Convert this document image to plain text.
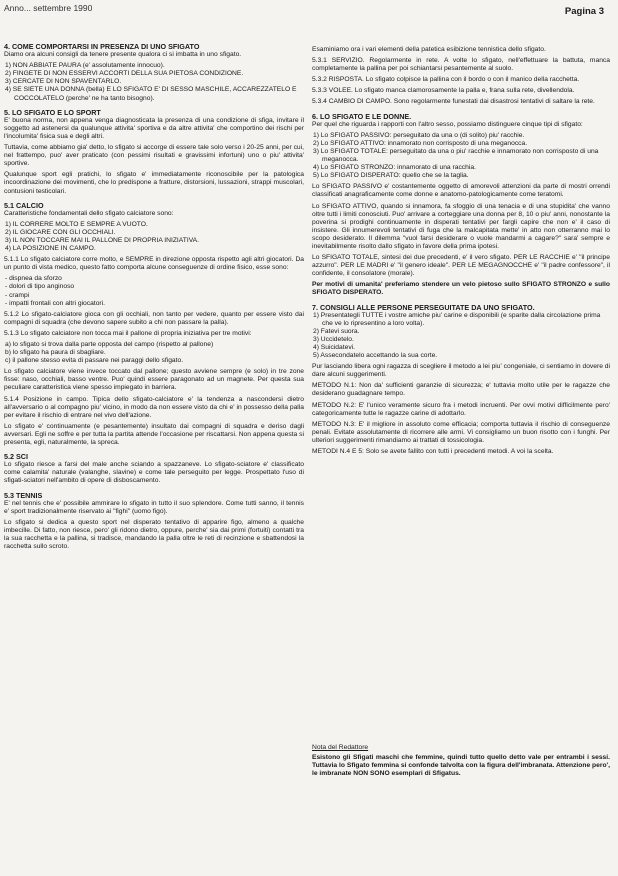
Anno... settembre 1990	Pagina 3
4. COME COMPORTARSI IN PRESENZA DI UNO SFIGATO

Diamo ora alcuni consigli da tenere presente qualora ci si imbatta in uno sfigato.

1) NON ABBIATE PAURA (e' assolutamente innocuo).
2) FINGETE DI NON ESSERVI ACCORTI DELLA SUA PIETOSA CONDIZIONE.
3) CERCATE DI NON SPAVENTARLO.
4) SE SIETE UNA DONNA (bella) E LO SFIGATO E' DI SESSO MASCHILE, ACCAREZZATELO E COCCOLATELO (perche' ne ha tanto bisogno).
5. LO SFIGATO E LO SPORT

E' buona norma, non appena venga diagnosticata la presenza di una condizione di sfiga, invitare il soggetto ad astenersi da qualunque attivita' sportiva e da altre attivita' che comportino dei rischi per l'incolumita' fisica sua e degli altri.

Tuttavia, come abbiamo gia' detto, lo sfigato si accorge di essere tale solo verso i 20-25 anni, per cui, nel frattempo, puo' aver praticato (con pessimi risultati e gravissimi infortuni) uno o piu' attivita' sportive.

Qualunque sport egli pratichi, lo sfigato e' immediatamente riconoscibile per la patologica incoordinazione dei movimenti, che lo predispone a fratture, distorsioni, lussazioni, strappi muscolari, contusioni testicolari.

5.1 CALCIO

Caratteristiche fondamentali dello sfigato calciatore sono:

1) IL CORRERE MOLTO E SEMPRE A VUOTO.
2) IL GIOCARE CON GLI OCCHIALI.
3) IL NON TOCCARE MAI IL PALLONE DI PROPRIA INIZIATIVA.
4) LA POSIZIONE IN CAMPO.

5.1.1 Lo sfigato calciatore corre molto, e SEMPRE in direzione opposta rispetto agli altri giocatori. Da un punto di vista medico, questo fatto comporta alcune conseguenze di ordine fisico, esse sono:

- dispnea da sforzo
- dolori di tipo anginoso
- crampi
- impatti frontali con altri giocatori.

5.1.2 Lo sfigato-calciatore gioca con gli occhiali, non tanto per vedere, quanto per essere visto dai compagni di squadra (che devono sapere subito a chi non passare la palla).

5.1.3 Lo sfigato calciatore non tocca mai il pallone di propria iniziativa per tre motivi:

a) lo sfigato si trova dalla parte opposta del campo (rispetto al pallone)
b) lo sfigato ha paura di sbagliare.
c) il pallone stesso evita di passare nei paraggi dello sfigato.

Lo sfigato calciatore viene invece toccato dal pallone; questo avviene sempre (e solo) in tre zone fisse: naso, occhiali, basso ventre. Puo' quindi essere paragonato ad un magnete. Per questa sua peculiare caratteristica viene spesso impiegato in barriera.

5.1.4 Posizione in campo. Tipica dello sfigato-calciatore e' la tendenza a nascondersi dietro all'avversario o al compagno piu' vicino, in modo da non essere visto da chi e' in possesso della palla per evitare il rischio di entrare nel vivo dell'azione.

Lo sfigato e' continuamente (e pesantemente) insultato dai compagni di squadra e deriso dagli avversari. Egli ne soffre e per tutta la partita attende l'occasione per riscattarsi. Non appena questa si presenta, egli, naturalmente, la spreca.

5.2 SCI

Lo sfigato riesce a farsi del male anche sciando a spazzaneve. Lo sfigato-sciatore e' classificato come calamita' naturale (valanghe, slavine) e come tale perseguito per legge. Prospettato l'uso di sfigati-sciatori nell'ambito di opere di disboscamento.

5.3 TENNIS

E' nel tennis che e' possibile ammirare lo sfigato in tutto il suo splendore. Come tutti sanno, il tennis e' sport tradizionalmente riservato ai "fighi" (uomo figo).

Lo sfigato si dedica a questo sport nel disperato tentativo di apparire figo, almeno a qualche imbecille. Di fatto, non riesce, pero' gli ridono dietro, oppure, perche' sia dai primi (fortuiti) contatti tra la sua racchetta e la pallina, si tradisce, mandando la palla oltre le reti di recinzione e sbattendosi la racchetta sullo scroto.

Esaminiamo ora i vari elementi della patetica esibizione tennistica dello sfigato.

5.3.1 SERVIZIO. Regolarmente in rete. A volte lo sfigato, nell'effettuare la battuta, manca completamente la pallina per poi schiantarsi pesantemente al suolo.

5.3.2 RISPOSTA. Lo sfigato colpisce la pallina con il bordo o con il manico della racchetta.

5.3.3 VOLEE. Lo sfigato manca clamorosamente la palla e, frana sulla rete, divellendola.

5.3.4 CAMBIO DI CAMPO. Sono regolarmente funestati dai disastrosi tentativi di saltare la rete.

6. LO SFIGATO E LE DONNE.

Per quel che riguarda i rapporti con l'altro sesso, possiamo distinguere cinque tipi di sfigato:

1) Lo SFIGATO PASSIVO: perseguitato da una o (di solito) piu' racchie.
2) Lo SFIGATO ATTIVO: innamorato non corrisposto di una meganocca.
3) Lo SFIGATO TOTALE: perseguitato da una o piu' racchie e innamorato non corrisposto di una meganocca.
4) Lo SFIGATO STRONZO: innamorato di una racchia.
5) Lo SFIGATO DISPERATO: quello che se la taglia.

Lo SFIGATO PASSIVO e' costantemente oggetto di amorevoli attenzioni da parte di mostri orrendi classificati anagraficamente come donne e anatomo-patologicamente come teratomi.

Lo SFIGATO ATTIVO, quando si innamora, fa sfoggio di una tenacia e di una stupidita' che vanno oltre tutti i limiti conosciuti. Puo' arrivare a corteggiare una donna per 8, 10 o piu' anni, nonostante la poverina si prodighi continuamente in disperati tentativi per fargli capire che non e' il caso di insistere. Gli innumerevoli tentativi di fuga che la malcapitata mette' in atto non otterranno mai lo scopo desiderato. Il dilemma "vuol farsi desiderare o vuole mandarmi a cagare?" sara' sempre e inevitabilmente risolto dallo sfigato in favore della prima ipotesi.

Lo SFIGATO TOTALE, sintesi dei due precedenti, e' il vero sfigato. PER LE RACCHIE e' "il principe azzurro". PER LE MADRI e' "il genero ideale". PER LE MEGAGNOCCHE e' "il padre confessore", il confidente, il consolatore (morale).

Per motivi di umanita' preferiamo stendere un velo pietoso sullo SFIGATO STRONZO e sullo SFIGATO DISPERATO.

7. CONSIGLI ALLE PERSONE PERSEGUITATE DA UNO SFIGATO.
1) Presentategli TUTTE i vostre amiche piu' carine e disponibili (e sparite dalla circolazione prima che ve lo ripresentino a loro volta).
2) Fatevi suora.
3) Uccidetelo.
4) Suicidatevi.
5) Assecondatelo accettando la sua corte.

Pur lasciando libera ogni ragazza di scegliere il metodo a lei piu' congeniale, ci sentiamo in dovere di dare alcuni suggerimenti.

METODO N.1: Non da' sufficienti garanzie di sicurezza; e' tuttavia molto utile per le ragazze che desiderano guadagnare tempo.

METODO N.2: E' l'unico veramente sicuro fra i metodi incruenti. Per ovvi motivi difficilmente pero' categoricamente tutte le ragazze carine di adottarlo.

METODO N.3: E' il migliore in assoluto come efficacia; comporta tuttavia il rischio di conseguenze penali. Evitate assolutamente di ricorrere alle armi. Vi consigliamo un buon risotto con i funghi. Per ulteriori suggerimenti rimandiamo ai trattati di tossicologia.

METODI N.4 E 5: Solo se avete fallito con tutti i precedenti metodi. A voi la scelta.

Nota del Redattore

Esistono gli Sfigati maschi che femmine, quindi tutto quello detto vale per entrambi i sessi. Tuttavia lo Sfigato femmina si confonde talvolta con la figura dell'imbranata. Attenzione pero', le imbranate NON SONO esemplari di Sfigatus.
